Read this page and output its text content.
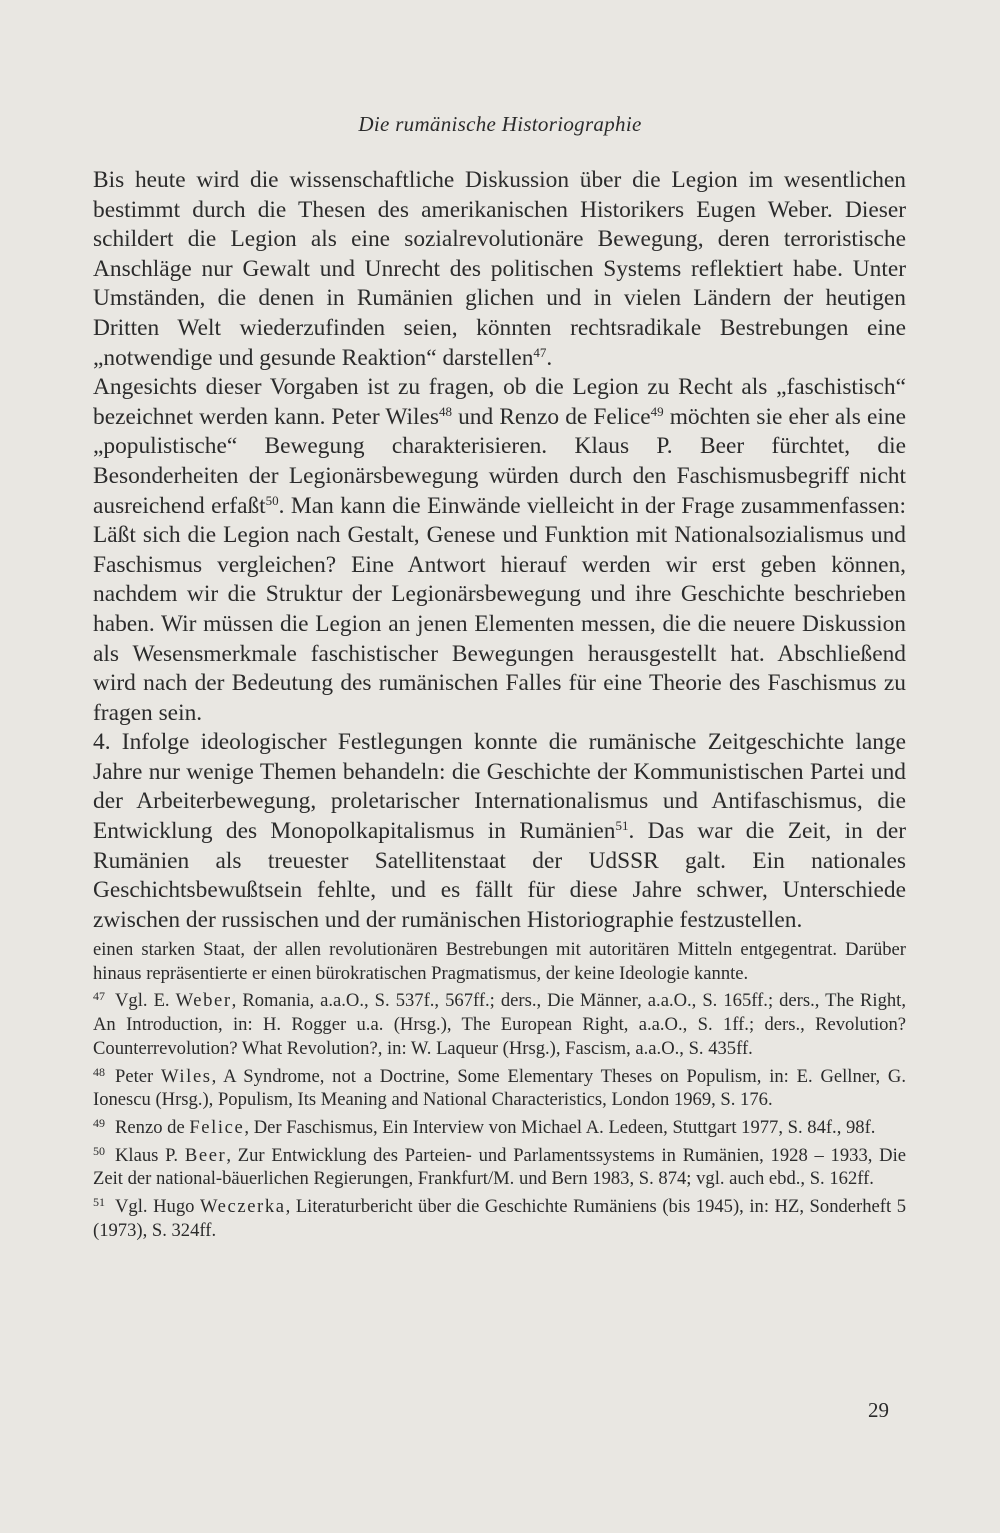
Die rumänische Historiographie

Bis heute wird die wissenschaftliche Diskussion über die Legion im wesentlichen bestimmt durch die Thesen des amerikanischen Historikers Eugen Weber. Dieser schildert die Legion als eine sozialrevolutionäre Bewegung, deren terroristische Anschläge nur Gewalt und Unrecht des politischen Systems reflektiert habe. Unter Umständen, die denen in Rumänien glichen und in vielen Ländern der heutigen Dritten Welt wiederzufinden seien, könnten rechtsradikale Bestrebungen eine „notwendige und gesunde Reaktion“ darstellen$^{47}$.

Angesichts dieser Vorgaben ist zu fragen, ob die Legion zu Recht als „faschistisch“ bezeichnet werden kann. Peter Wiles$^{48}$ und Renzo de Felice$^{49}$ möchten sie eher als eine „populistische“ Bewegung charakterisieren. Klaus P. Beer fürchtet, die Besonderheiten der Legionärsbewegung würden durch den Faschismusbegriff nicht ausreichend erfaßt$^{50}$. Man kann die Einwände vielleicht in der Frage zusammenfassen: Läßt sich die Legion nach Gestalt, Genese und Funktion mit Nationalsozialismus und Faschismus vergleichen? Eine Antwort hierauf werden wir erst geben können, nachdem wir die Struktur der Legionärsbewegung und ihre Geschichte beschrieben haben. Wir müssen die Legion an jenen Elementen messen, die die neuere Diskussion als Wesensmerkmale faschistischer Bewegungen herausgestellt hat. Abschließend wird nach der Bedeutung des rumänischen Falles für eine Theorie des Faschismus zu fragen sein.

4. Infolge ideologischer Festlegungen konnte die rumänische Zeitgeschichte lange Jahre nur wenige Themen behandeln: die Geschichte der Kommunistischen Partei und der Arbeiterbewegung, proletarischer Internationalismus und Antifaschismus, die Entwicklung des Monopolkapitalismus in Rumänien$^{51}$. Das war die Zeit, in der Rumänien als treuester Satellitenstaat der UdSSR galt. Ein nationales Geschichtsbewußtsein fehlte, und es fällt für diese Jahre schwer, Unterschiede zwischen der russischen und der rumänischen Historiographie festzustellen.

einen starken Staat, der allen revolutionären Bestrebungen mit autoritären Mitteln entgegentrat. Darüber hinaus repräsentierte er einen bürokratischen Pragmatismus, der keine Ideologie kannte.

$^{47}$ Vgl. E. Weber, Romania, a.a.O., S. 537f., 567ff.; ders., Die Männer, a.a.O., S. 165ff.; ders., The Right, An Introduction, in: H. Rogger u.a. (Hrsg.), The European Right, a.a.O., S. 1ff.; ders., Revolution? Counterrevolution? What Revolution?, in: W. Laqueur (Hrsg.), Fascism, a.a.O., S. 435ff.

$^{48}$ Peter Wiles, A Syndrome, not a Doctrine, Some Elementary Theses on Populism, in: E. Gellner, G. Ionescu (Hrsg.), Populism, Its Meaning and National Characteristics, London 1969, S. 176.

$^{49}$ Renzo de Felice, Der Faschismus, Ein Interview von Michael A. Ledeen, Stuttgart 1977, S. 84f., 98f.

$^{50}$ Klaus P. Beer, Zur Entwicklung des Parteien- und Parlamentssystems in Rumänien, 1928 – 1933, Die Zeit der national-bäuerlichen Regierungen, Frankfurt/M. und Bern 1983, S. 874; vgl. auch ebd., S. 162ff.

$^{51}$ Vgl. Hugo Weczerka, Literaturbericht über die Geschichte Rumäniens (bis 1945), in: HZ, Sonderheft 5 (1973), S. 324ff.

29
